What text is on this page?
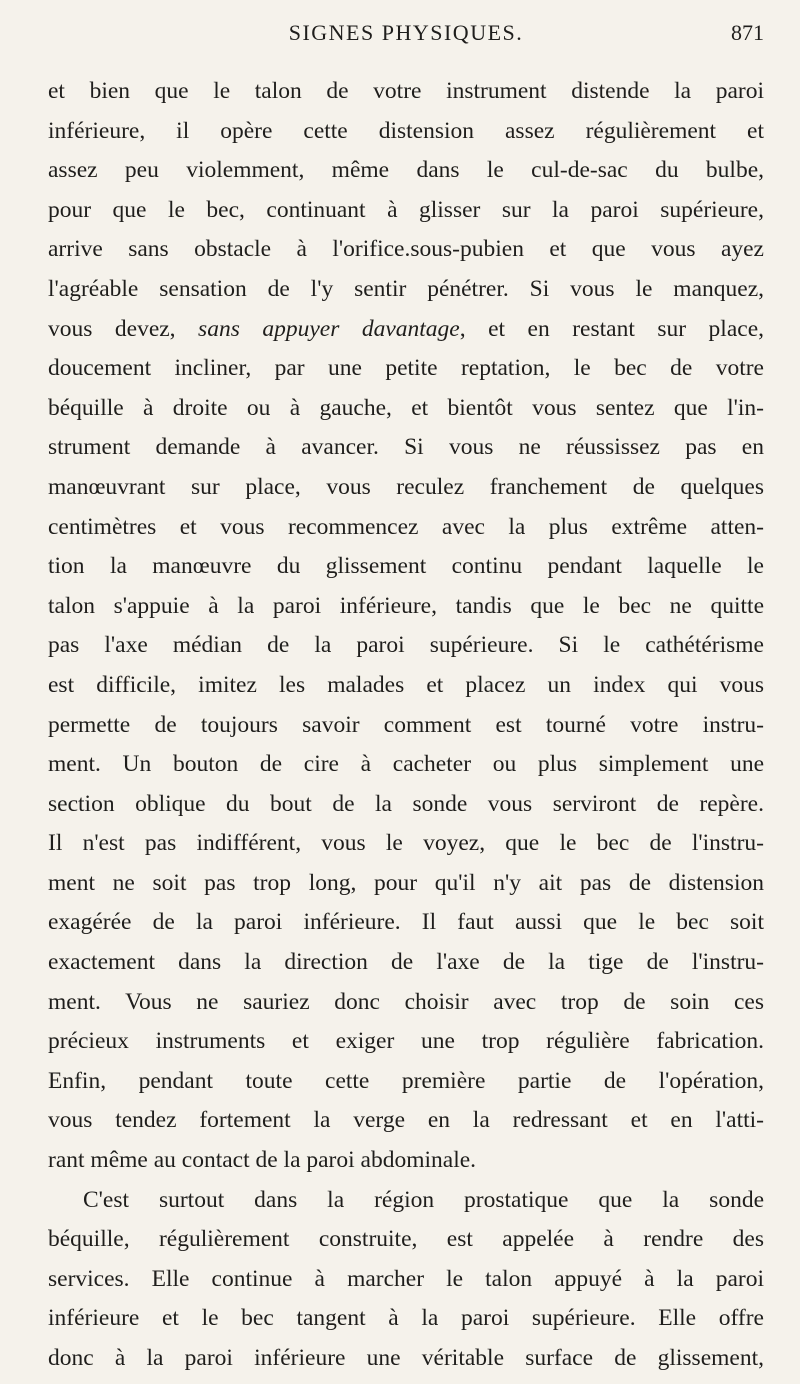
SIGNES PHYSIQUES.	871
et bien que le talon de votre instrument distende la paroi
inférieure, il opère cette distension assez régulièrement et
assez peu violemment, même dans le cul-de-sac du bulbe,
pour que le bec, continuant à glisser sur la paroi supérieure,
arrive sans obstacle à l'orifice.sous-pubien et que vous ayez
l'agréable sensation de l'y sentir pénétrer. Si vous le manquez,
vous devez, sans appuyer davantage, et en restant sur place,
doucement incliner, par une petite reptation, le bec de votre
béquille à droite ou à gauche, et bientôt vous sentez que l'in-
strument demande à avancer. Si vous ne réussissez pas en
manœuvrant sur place, vous reculez franchement de quelques
centimètres et vous recommencez avec la plus extrême atten-
tion la manœuvre du glissement continu pendant laquelle le
talon s'appuie à la paroi inférieure, tandis que le bec ne quitte
pas l'axe médian de la paroi supérieure. Si le cathétérisme
est difficile, imitez les malades et placez un index qui vous
permette de toujours savoir comment est tourné votre instru-
ment. Un bouton de cire à cacheter ou plus simplement une
section oblique du bout de la sonde vous serviront de repère.
Il n'est pas indifférent, vous le voyez, que le bec de l'instru-
ment ne soit pas trop long, pour qu'il n'y ait pas de distension
exagérée de la paroi inférieure. Il faut aussi que le bec soit
exactement dans la direction de l'axe de la tige de l'instru-
ment. Vous ne sauriez donc choisir avec trop de soin ces
précieux instruments et exiger une trop régulière fabrication.
Enfin, pendant toute cette première partie de l'opération,
vous tendez fortement la verge en la redressant et en l'atti-
rant même au contact de la paroi abdominale.
C'est surtout dans la région prostatique que la sonde
béquille, régulièrement construite, est appelée à rendre des
services. Elle continue à marcher le talon appuyé à la paroi
inférieure et le bec tangent à la paroi supérieure. Elle offre
donc à la paroi inférieure une véritable surface de glissement,
